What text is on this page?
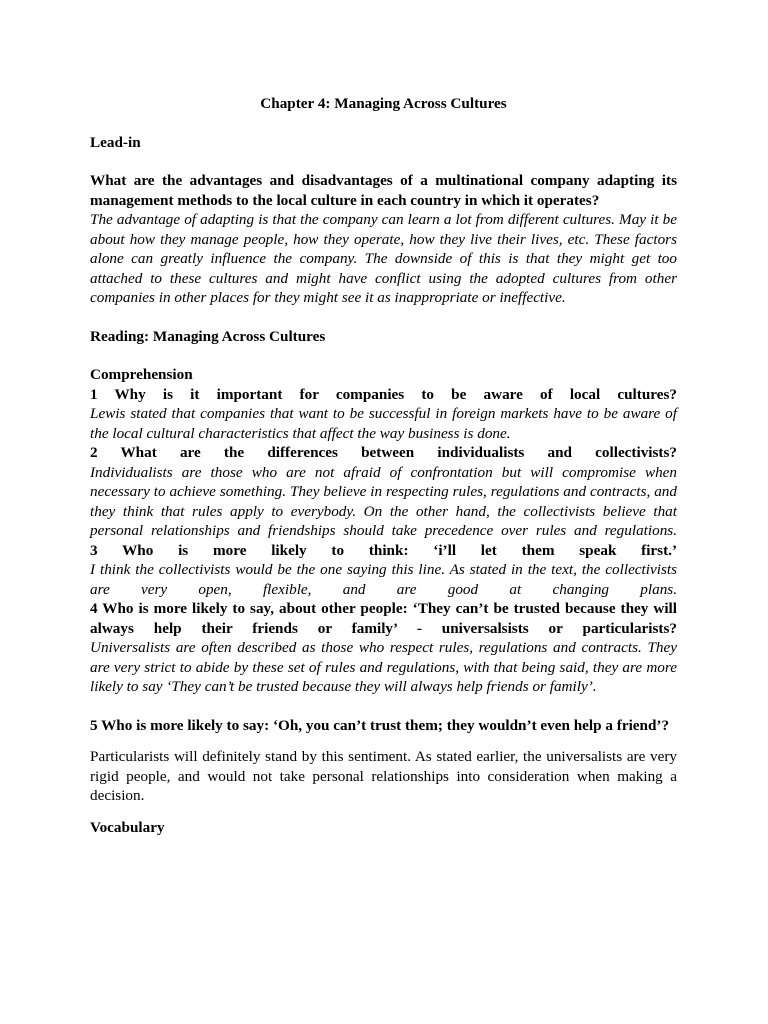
Chapter 4: Managing Across Cultures

Lead-in

What are the advantages and disadvantages of a multinational company adapting its management methods to the local culture in each country in which it operates?

The advantage of adapting is that the company can learn a lot from different cultures. May it be about how they manage people, how they operate, how they live their lives, etc. These factors alone can greatly influence the company. The downside of this is that they might get too attached to these cultures and might have conflict using the adopted cultures from other companies in other places for they might see it as inappropriate or ineffective.

Reading: Managing Across Cultures

Comprehension

1 Why is it important for companies to be aware of local cultures?

Lewis stated that companies that want to be successful in foreign markets have to be aware of the local cultural characteristics that affect the way business is done.

2 What are the differences between individualists and collectivists?

Individualists are those who are not afraid of confrontation but will compromise when necessary to achieve something. They believe in respecting rules, regulations and contracts, and they think that rules apply to everybody. On the other hand, the collectivists believe that personal relationships and friendships should take precedence over rules and regulations.

3 Who is more likely to think: ‘i’ll let them speak first.’

I think the collectivists would be the one saying this line. As stated in the text, the collectivists are very open, flexible, and are good at changing plans.

4 Who is more likely to say, about other people: ‘They can’t be trusted because they will always help their friends or family’ - universalsists or particularists?

Universalists are often described as those who respect rules, regulations and contracts. They are very strict to abide by these set of rules and regulations, with that being said, they are more likely to say ‘They can’t be trusted because they will always help friends or family’.

5 Who is more likely to say: ‘Oh, you can’t trust them; they wouldn’t even help a friend’?

Particularists will definitely stand by this sentiment. As stated earlier, the universalists are very rigid people, and would not take personal relationships into consideration when making a decision.

Vocabulary
